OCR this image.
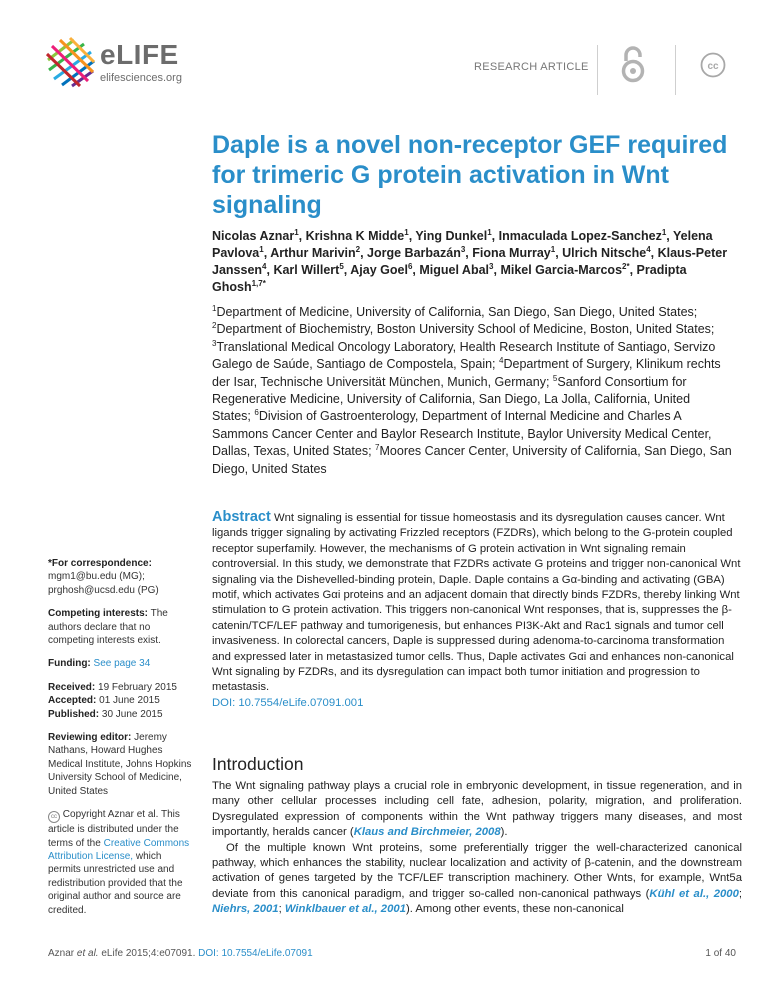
eLIFE
elifesciences.org
RESEARCH ARTICLE	cc
Daple is a novel non-receptor GEF required for trimeric G protein activation in Wnt signaling

Nicolas Aznar$^1$, Krishna K Midde$^1$, Ying Dunkel$^1$, Inmaculada Lopez-Sanchez$^1$, Yelena Pavlova$^1$, Arthur Marivin$^2$, Jorge Barbazán$^3$, Fiona Murray$^1$, Ulrich Nitsche$^4$, Klaus-Peter Janssen$^4$, Karl Willert$^5$, Ajay Goel$^6$, Miguel Abal$^3$, Mikel Garcia-Marcos$^{2*}$, Pradipta Ghosh$^{1,7*}$

$^1$Department of Medicine, University of California, San Diego, San Diego, United States; $^2$Department of Biochemistry, Boston University School of Medicine, Boston, United States; $^3$Translational Medical Oncology Laboratory, Health Research Institute of Santiago, Servizo Galego de Saúde, Santiago de Compostela, Spain; $^4$Department of Surgery, Klinikum rechts der Isar, Technische Universität München, Munich, Germany; $^5$Sanford Consortium for Regenerative Medicine, University of California, San Diego, La Jolla, California, United States; $^6$Division of Gastroenterology, Department of Internal Medicine and Charles A Sammons Cancer Center and Baylor Research Institute, Baylor University Medical Center, Dallas, Texas, United States; $^7$Moores Cancer Center, University of California, San Diego, San Diego, United States

*For correspondence: mgm1@bu.edu (MG); prghosh@ucsd.edu (PG)
Competing interests: The authors declare that no competing interests exist.
Funding: See page 34
Received: 19 February 2015
Accepted: 01 June 2015
Published: 30 June 2015
Reviewing editor: Jeremy Nathans, Howard Hughes Medical Institute, Johns Hopkins University School of Medicine, United States
cc Copyright Aznar et al. This article is distributed under the terms of the Creative Commons Attribution License, which permits unrestricted use and redistribution provided that the original author and source are credited.
Abstract Wnt signaling is essential for tissue homeostasis and its dysregulation causes cancer. Wnt ligands trigger signaling by activating Frizzled receptors (FZDRs), which belong to the G-protein coupled receptor superfamily. However, the mechanisms of G protein activation in Wnt signaling remain controversial. In this study, we demonstrate that FZDRs activate G proteins and trigger non-canonical Wnt signaling via the Dishevelled-binding protein, Daple. Daple contains a Gα-binding and activating (GBA) motif, which activates Gαi proteins and an adjacent domain that directly binds FZDRs, thereby linking Wnt stimulation to G protein activation. This triggers non-canonical Wnt responses, that is, suppresses the β-catenin/TCF/LEF pathway and tumorigenesis, but enhances PI3K-Akt and Rac1 signals and tumor cell invasiveness. In colorectal cancers, Daple is suppressed during adenoma-to-carcinoma transformation and expressed later in metastasized tumor cells. Thus, Daple activates Gαi and enhances non-canonical Wnt signaling by FZDRs, and its dysregulation can impact both tumor initiation and progression to metastasis.
DOI: 10.7554/eLife.07091.001
Introduction

The Wnt signaling pathway plays a crucial role in embryonic development, in tissue regeneration, and in many other cellular processes including cell fate, adhesion, polarity, migration, and proliferation. Dysregulated expression of components within the Wnt pathway triggers many diseases, and most importantly, heralds cancer (Klaus and Birchmeier, 2008).

Of the multiple known Wnt proteins, some preferentially trigger the well-characterized canonical pathway, which enhances the stability, nuclear localization and activity of β-catenin, and the downstream activation of genes targeted by the TCF/LEF transcription machinery. Other Wnts, for example, Wnt5a deviate from this canonical paradigm, and trigger so-called non-canonical pathways (Kühl et al., 2000; Niehrs, 2001; Winklbauer et al., 2001). Among other events, these non-canonical

Aznar et al. eLife 2015;4:e07091. DOI: 10.7554/eLife.07091	1 of 40
